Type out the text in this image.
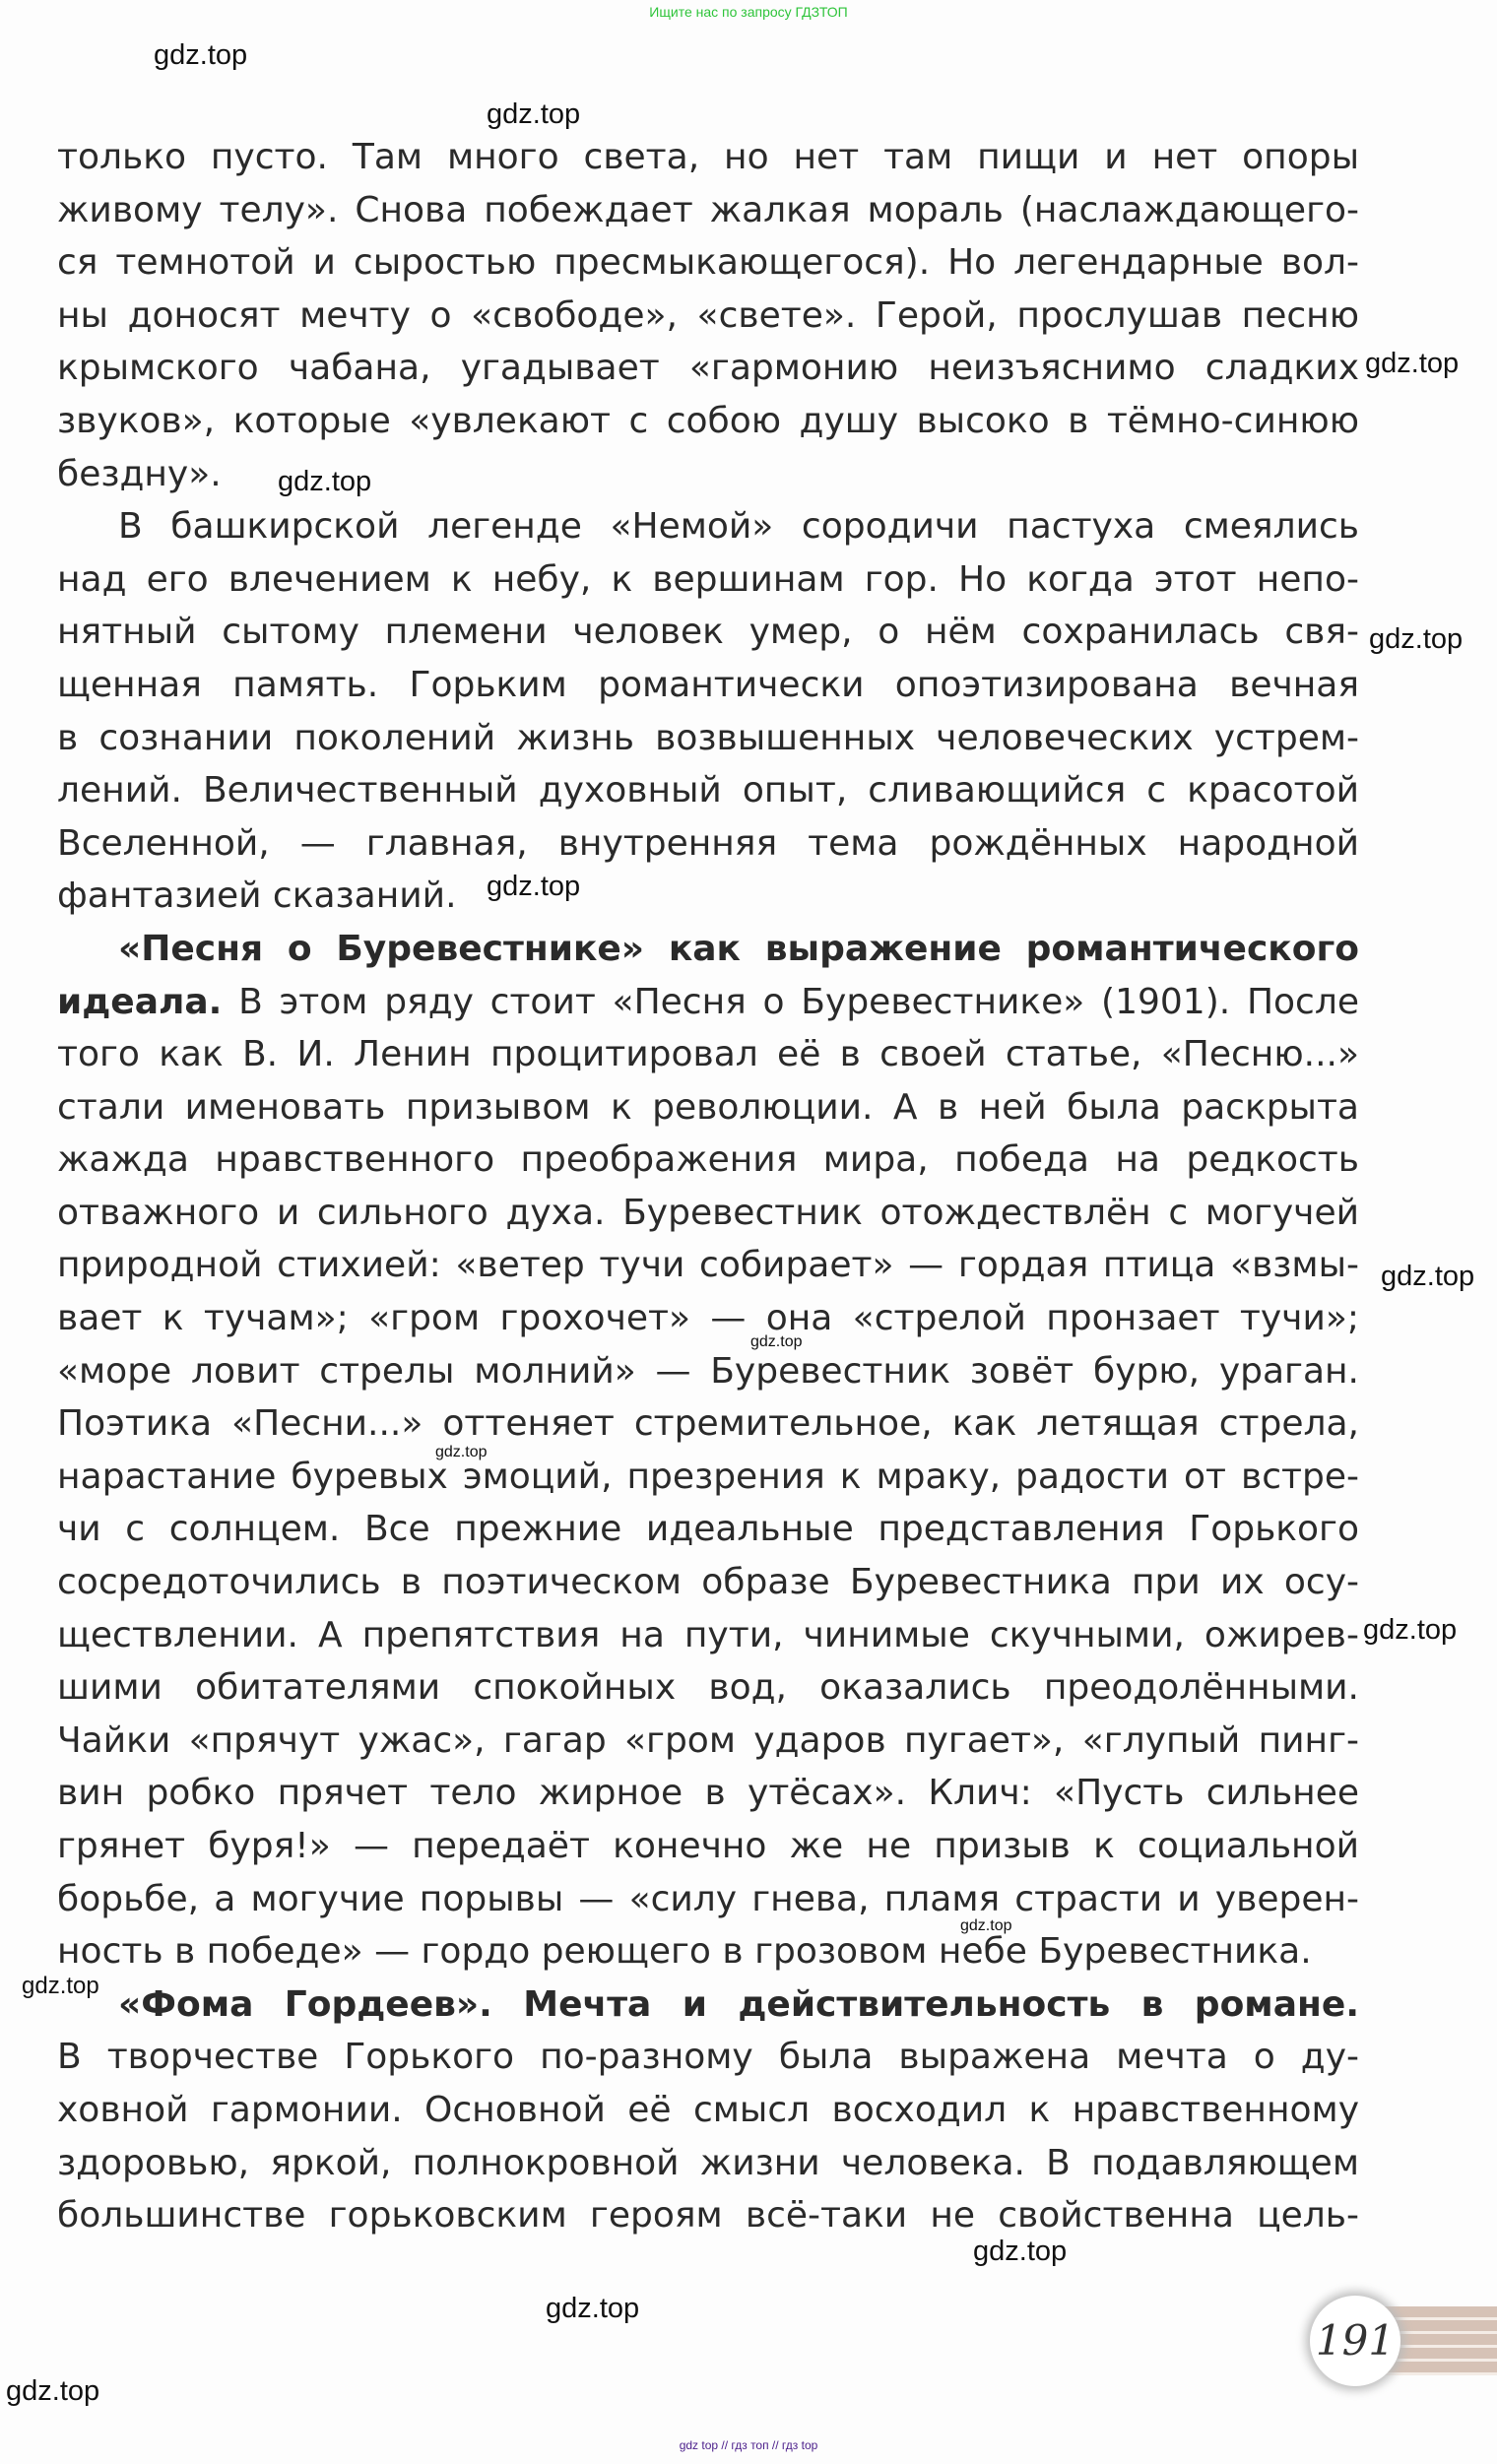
Ищите нас по запросу ГДЗТОП
только пусто. Там много света, но нет там пищи и нет опоры
живому телу». Снова побеждает жалкая мораль (наслаждающего-
ся темнотой и сыростью пресмыкающегося). Но легендарные вол-
ны доносят мечту о «свободе», «свете». Герой, прослушав песню
крымского чабана, угадывает «гармонию неизъяснимо сладких
звуков», которые «увлекают с собою душу высоко в тёмно-синюю
бездну».
В башкирской легенде «Немой» сородичи пастуха смеялись
над его влечением к небу, к вершинам гор. Но когда этот непо-
нятный сытому племени человек умер, о нём сохранилась свя-
щенная память. Горьким романтически опоэтизирована вечная
в сознании поколений жизнь возвышенных человеческих устрем-
лений. Величественный духовный опыт, сливающийся с красотой
Вселенной, — главная, внутренняя тема рождённых народной
фантазией сказаний.
«Песня о Буревестнике» как выражение романтического
идеала. В этом ряду стоит «Песня о Буревестнике» (1901). После
того как В. И. Ленин процитировал её в своей статье, «Песню...»
стали именовать призывом к революции. А в ней была раскрыта
жажда нравственного преображения мира, победа на редкость
отважного и сильного духа. Буревестник отождествлён с могучей
природной стихией: «ветер тучи собирает» — гордая птица «взмы-
вает к тучам»; «гром грохочет» — она «стрелой пронзает тучи»;
«море ловит стрелы молний» — Буревестник зовёт бурю, ураган.
Поэтика «Песни...» оттеняет стремительное, как летящая стрела,
нарастание буревых эмоций, презрения к мраку, радости от встре-
чи с солнцем. Все прежние идеальные представления Горького
сосредоточились в поэтическом образе Буревестника при их осу-
ществлении. А препятствия на пути, чинимые скучными, ожирев-
шими обитателями спокойных вод, оказались преодолёнными.
Чайки «прячут ужас», гагар «гром ударов пугает», «глупый пинг-
вин робко прячет тело жирное в утёсах». Клич: «Пусть сильнее
грянет буря!» — передаёт конечно же не призыв к социальной
борьбе, а могучие порывы — «силу гнева, пламя страсти и уверен-
ность в победе» — гордо реющего в грозовом небе Буревестника.
«Фома Гордеев». Мечта и действительность в романе.
В творчестве Горького по-разному была выражена мечта о ду-
ховной гармонии. Основной её смысл восходил к нравственному
здоровью, яркой, полнокровной жизни человека. В подавляющем
большинстве горьковским героям всё-таки не свойственна цель-
gdz.top
gdz.top
gdz.top
gdz.top
gdz.top
gdz.top
gdz.top
gdz.top
gdz.top
gdz.top
gdz.top
gdz.top
gdz.top
gdz.top
gdz.top
191
gdz top // гдз топ // гдз top
